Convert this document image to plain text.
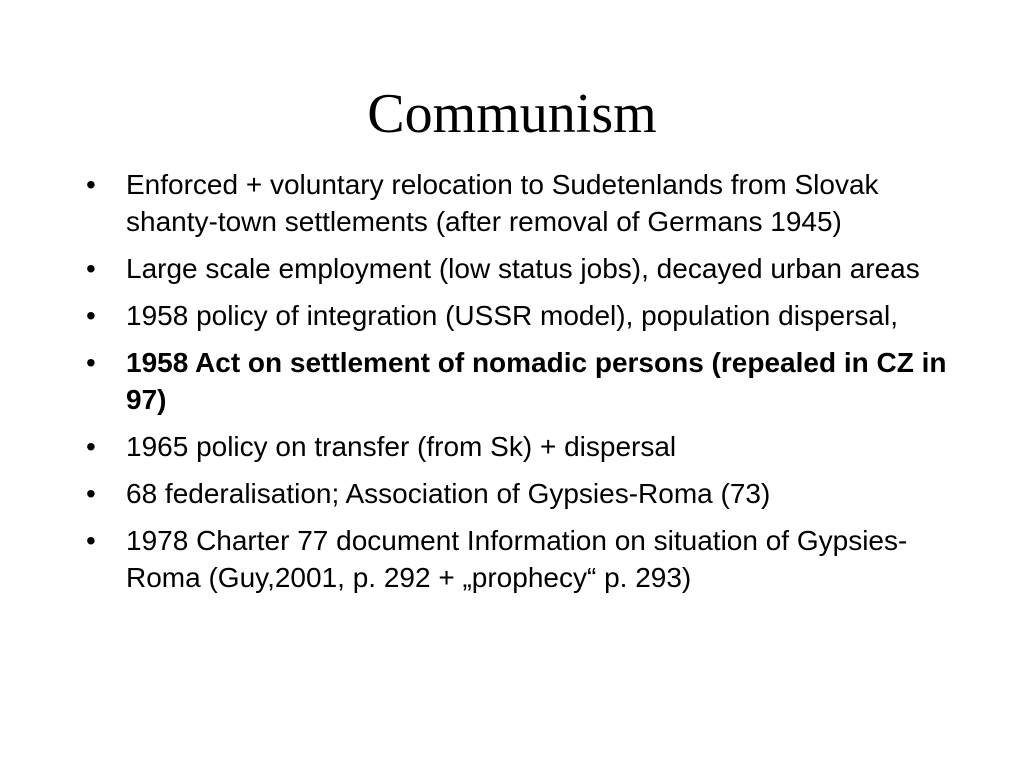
Communism
•	Enforced + voluntary relocation to Sudetenlands from Slovak shanty-town settlements (after removal of Germans 1945)
•	Large scale employment (low status jobs), decayed urban areas
•	1958 policy of integration (USSR model), population dispersal,
•	1958 Act on settlement of nomadic persons (repealed in CZ in 97)
•	1965 policy on transfer (from Sk) + dispersal
•	68 federalisation; Association of Gypsies-Roma (73)
•	1978 Charter 77 document Information on situation of Gypsies-Roma (Guy,2001, p. 292 + „prophecy“ p. 293)
